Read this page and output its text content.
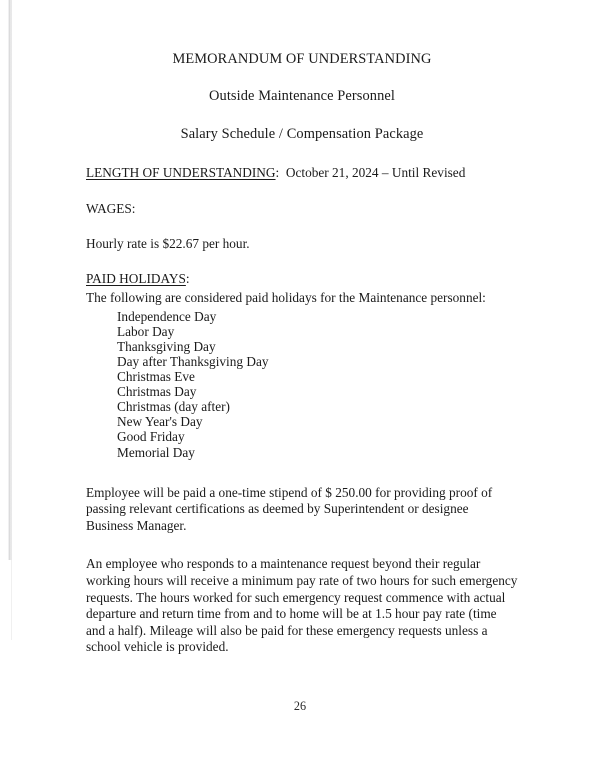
MEMORANDUM OF UNDERSTANDING

Outside Maintenance Personnel

Salary Schedule / Compensation Package

LENGTH OF UNDERSTANDING: October 21, 2024 – Until Revised

WAGES:

Hourly rate is $22.67 per hour.

PAID HOLIDAYS:

The following are considered paid holidays for the Maintenance personnel:

Independence Day
Labor Day
Thanksgiving Day
Day after Thanksgiving Day
Christmas Eve
Christmas Day
Christmas (day after)
New Year's Day
Good Friday
Memorial Day

Employee will be paid a one-time stipend of $ 250.00 for providing proof of passing relevant certifications as deemed by Superintendent or designee Business Manager.

An employee who responds to a maintenance request beyond their regular working hours will receive a minimum pay rate of two hours for such emergency requests. The hours worked for such emergency request commence with actual departure and return time from and to home will be at 1.5 hour pay rate (time and a half). Mileage will also be paid for these emergency requests unless a school vehicle is provided.

26
